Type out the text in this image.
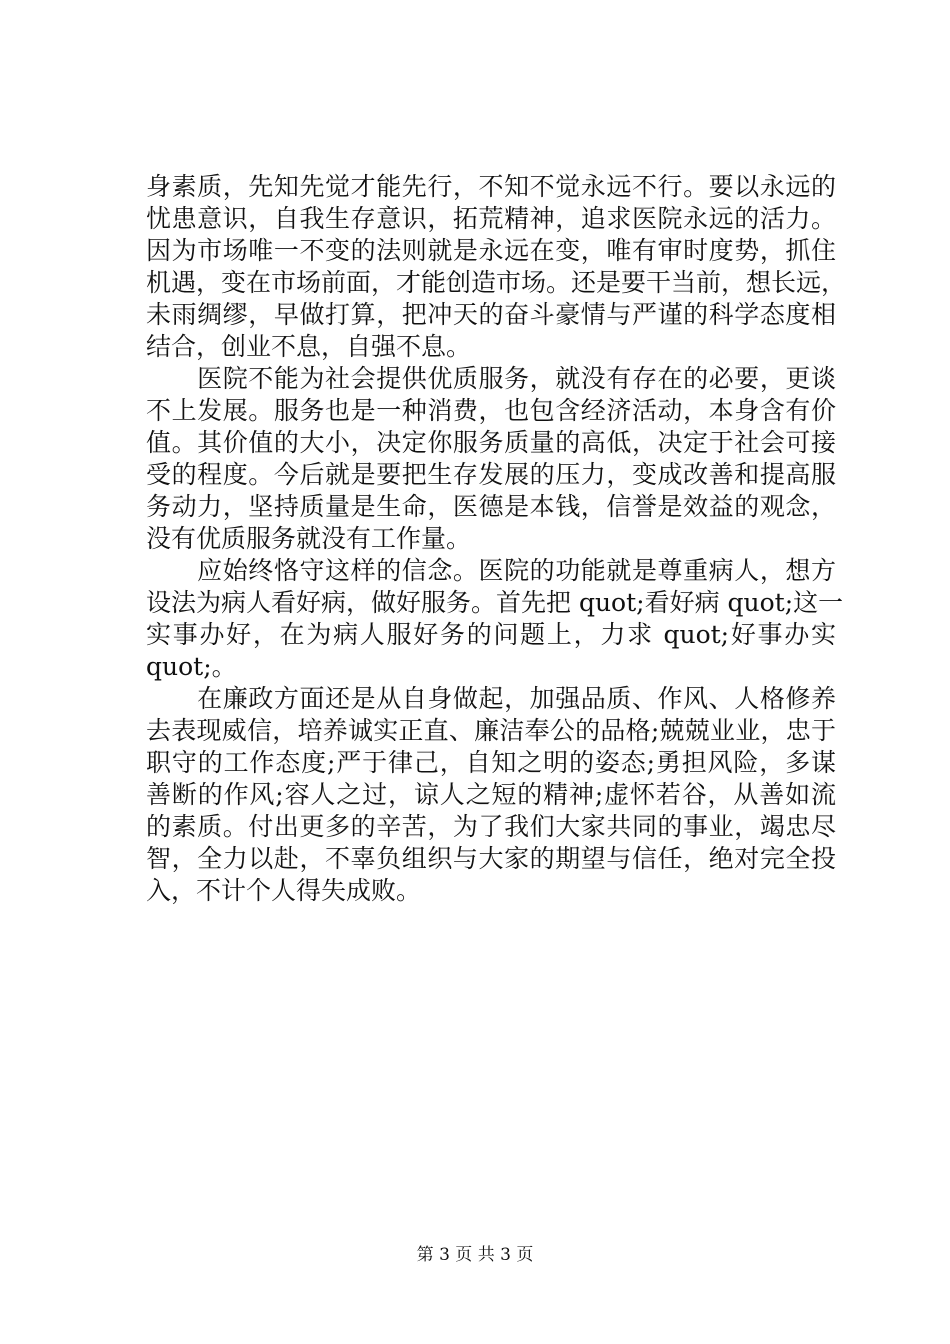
身素质，先知先觉才能先行，不知不觉永远不行。要以永远的
忧患意识，自我生存意识，拓荒精神，追求医院永远的活力。
因为市场唯一不变的法则就是永远在变，唯有审时度势，抓住
机遇，变在市场前面，才能创造市场。还是要干当前，想长远，
未雨绸缪，早做打算，把冲天的奋斗豪情与严谨的科学态度相
结合，创业不息，自强不息。
　　医院不能为社会提供优质服务，就没有存在的必要，更谈
不上发展。服务也是一种消费，也包含经济活动，本身含有价
值。其价值的大小，决定你服务质量的高低，决定于社会可接
受的程度。今后就是要把生存发展的压力，变成改善和提高服
务动力，坚持质量是生命，医德是本钱，信誉是效益的观念，
没有优质服务就没有工作量。
　　应始终恪守这样的信念。医院的功能就是尊重病人，想方
设法为病人看好病，做好服务。首先把 quot;看好病 quot;这一
实事办好，在为病人服好务的问题上，力求 quot;好事办实
quot;。
　　在廉政方面还是从自身做起，加强品质、作风、人格修养
去表现威信，培养诚实正直、廉洁奉公的品格;兢兢业业，忠于
职守的工作态度;严于律己，自知之明的姿态;勇担风险，多谋
善断的作风;容人之过，谅人之短的精神;虚怀若谷，从善如流
的素质。付出更多的辛苦，为了我们大家共同的事业，竭忠尽
智，全力以赴，不辜负组织与大家的期望与信任，绝对完全投
入，不计个人得失成败。
第 3 页 共 3 页
